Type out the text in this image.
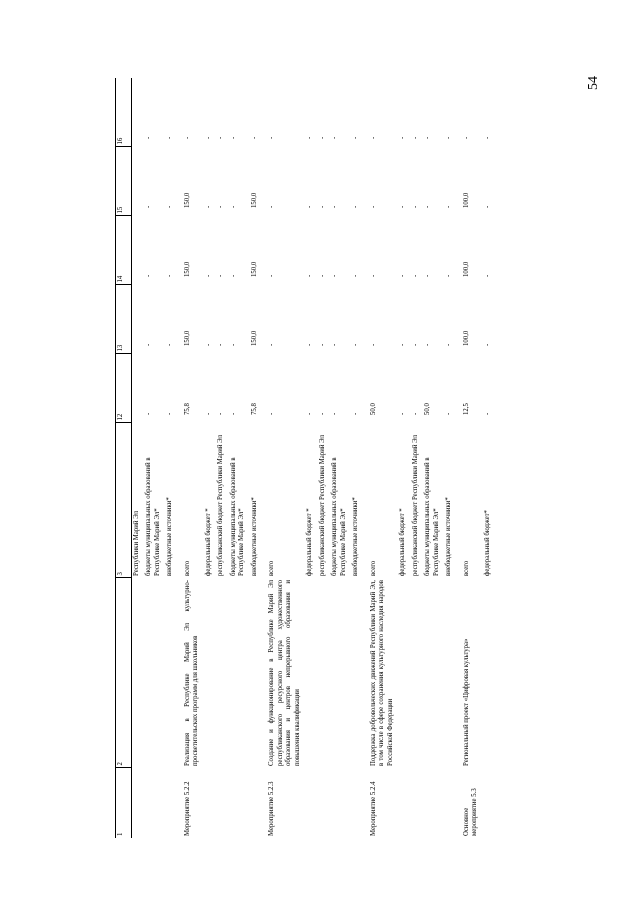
54
1	2	3	12	13	14	15	16
		Республики Марий Эл					
		бюджеты муниципальных образований в Республике Марий Эл*	-	-	-	-	-
		внебюджетные источники*	-	-	-	-	-
Мероприятие 5.2.2	Реализация в Республике Марий Эл культурно-просветительских программ для школьников	всего	75,8	150,0	150,0	150,0	-
		федеральный бюджет *	-	-	-	-	-
		республиканский бюджет Республики Марий Эл	-	-	-	-	-
		бюджеты муниципальных образований в Республике Марий Эл*	-	-	-	-	-
		внебюджетные источники*	75,8	150,0	150,0	150,0	-
Мероприятие 5.2.3	Создание и функционирование в Республике Марий Эл республиканского ресурсного центра художественного образования и центров непрерывного образования и повышения квалификации	всего	-	-	-	-	-
		федеральный бюджет *	-	-	-	-	-
		республиканский бюджет Республики Марий Эл	-	-	-	-	-
		бюджеты муниципальных образований в Республике Марий Эл*	-	-	-	-	-
		внебюджетные источники*	-	-	-	-	-
Мероприятие 5.2.4	Поддержка добровольческих движений Республики Марий Эл, в том числе в сфере сохранения культурного наследия народов Российской Федерации	всего	50,0	-	-	-	-
		федеральный бюджет *	-	-	-	-	-
		республиканский бюджет Республики Марий Эл	-	-	-	-	-
		бюджеты муниципальных образований в Республике Марий Эл*	50,0	-	-	-	-
		внебюджетные источники*	-	-	-	-	-
Основное мероприятие 5.3	Региональный проект «Цифровая культура»	всего	12,5	100,0	100,0	100,0	-
		федеральный бюджет*	-	-	-	-	-
